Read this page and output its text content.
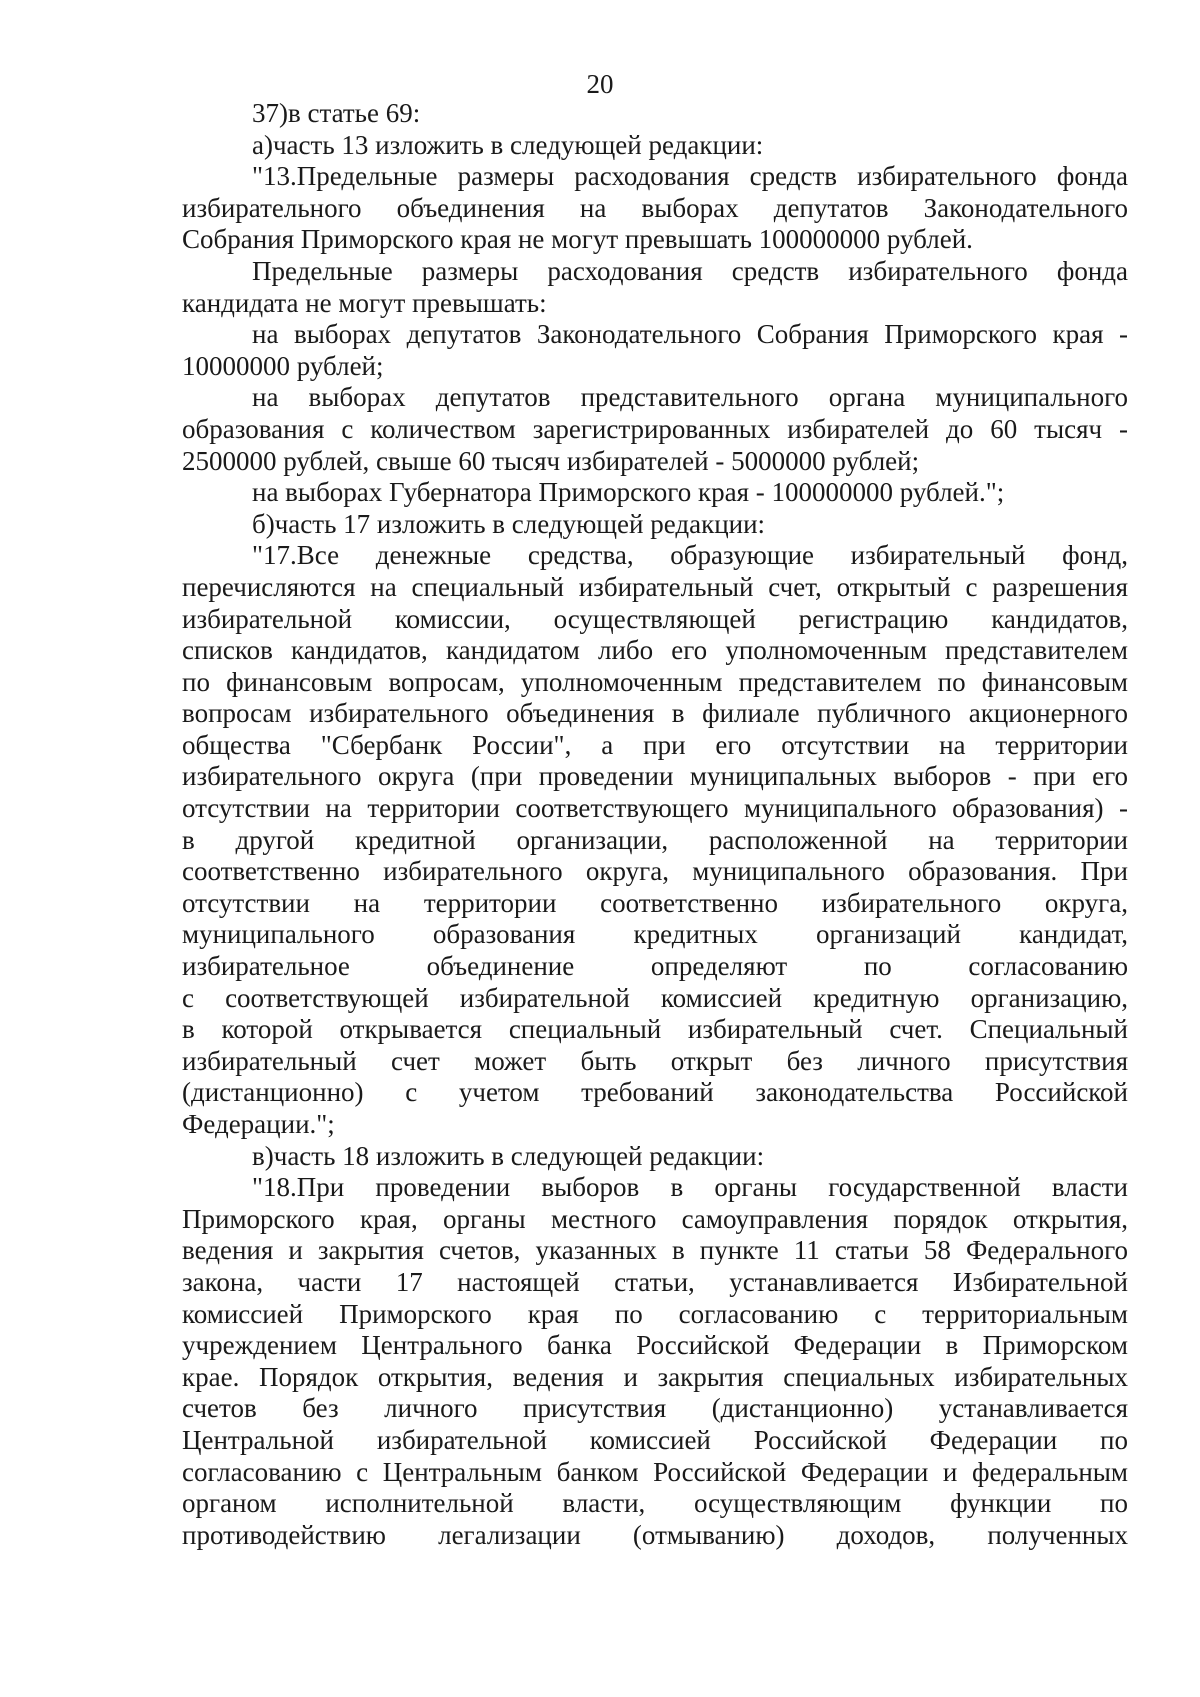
20
37)в статье 69:
а)часть 13 изложить в следующей редакции:
"13.Предельные размеры расходования средств избирательного фонда
избирательного объединения на выборах депутатов Законодательного
Собрания Приморского края не могут превышать 100000000 рублей.
Предельные размеры расходования средств избирательного фонда
кандидата не могут превышать:
на выборах депутатов Законодательного Собрания Приморского края -
10000000 рублей;
на выборах депутатов представительного органа муниципального
образования с количеством зарегистрированных избирателей до 60 тысяч -
2500000 рублей, свыше 60 тысяч избирателей - 5000000 рублей;
на выборах Губернатора Приморского края - 100000000 рублей.";
б)часть 17 изложить в следующей редакции:
"17.Все денежные средства, образующие избирательный фонд,
перечисляются на специальный избирательный счет, открытый с разрешения
избирательной комиссии, осуществляющей регистрацию кандидатов,
списков кандидатов, кандидатом либо его уполномоченным представителем
по финансовым вопросам, уполномоченным представителем по финансовым
вопросам избирательного объединения в филиале публичного акционерного
общества "Сбербанк России", а при его отсутствии на территории
избирательного округа (при проведении муниципальных выборов - при его
отсутствии на территории соответствующего муниципального образования) -
в другой кредитной организации, расположенной на территории
соответственно избирательного округа, муниципального образования. При
отсутствии на территории соответственно избирательного округа,
муниципального образования кредитных организаций кандидат,
избирательное объединение определяют по согласованию
с соответствующей избирательной комиссией кредитную организацию,
в которой открывается специальный избирательный счет. Специальный
избирательный счет может быть открыт без личного присутствия
(дистанционно) с учетом требований законодательства Российской
Федерации.";
в)часть 18 изложить в следующей редакции:
"18.При проведении выборов в органы государственной власти
Приморского края, органы местного самоуправления порядок открытия,
ведения и закрытия счетов, указанных в пункте 11 статьи 58 Федерального
закона, части 17 настоящей статьи, устанавливается Избирательной
комиссией Приморского края по согласованию с территориальным
учреждением Центрального банка Российской Федерации в Приморском
крае. Порядок открытия, ведения и закрытия специальных избирательных
счетов без личного присутствия (дистанционно) устанавливается
Центральной избирательной комиссией Российской Федерации по
согласованию с Центральным банком Российской Федерации и федеральным
органом исполнительной власти, осуществляющим функции по
противодействию легализации (отмыванию) доходов, полученных
